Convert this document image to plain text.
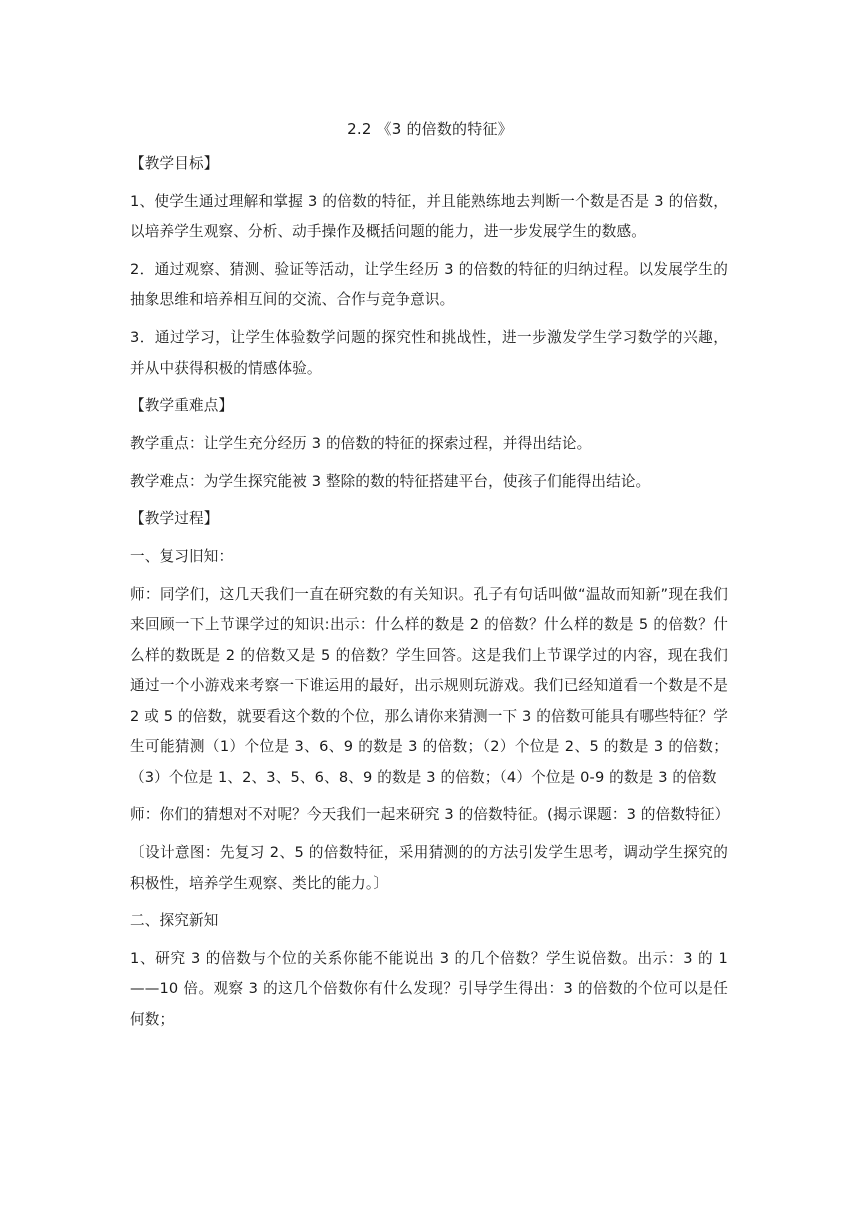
2.2 《3 的倍数的特征》
【教学目标】
1、使学生通过理解和掌握 3 的倍数的特征，并且能熟练地去判断一个数是否是 3 的倍数，以培养学生观察、分析、动手操作及概括问题的能力，进一步发展学生的数感。
2．通过观察、猜测、验证等活动，让学生经历 3 的倍数的特征的归纳过程。以发展学生的抽象思维和培养相互间的交流、合作与竞争意识。
3．通过学习，让学生体验数学问题的探究性和挑战性，进一步激发学生学习数学的兴趣，并从中获得积极的情感体验。
【教学重难点】
教学重点：让学生充分经历 3 的倍数的特征的探索过程，并得出结论。
教学难点：为学生探究能被 3 整除的数的特征搭建平台，使孩子们能得出结论。
【教学过程】
一、复习旧知：
师：同学们，这几天我们一直在研究数的有关知识。孔子有句话叫做“温故而知新”现在我们来回顾一下上节课学过的知识:出示：什么样的数是 2 的倍数？什么样的数是 5 的倍数？什么样的数既是 2 的倍数又是 5 的倍数？学生回答。这是我们上节课学过的内容，现在我们通过一个小游戏来考察一下谁运用的最好，出示规则玩游戏。我们已经知道看一个数是不是 2 或 5 的倍数，就要看这个数的个位，那么请你来猜测一下 3 的倍数可能具有哪些特征？学生可能猜测（1）个位是 3、6、9 的数是 3 的倍数；（2）个位是 2、5 的数是 3 的倍数；（3）个位是 1、2、3、5、6、8、9 的数是 3 的倍数；（4）个位是 0-9 的数是 3 的倍数
师：你们的猜想对不对呢？今天我们一起来研究 3 的倍数特征。(揭示课题：3 的倍数特征）
〔设计意图：先复习 2、5 的倍数特征，采用猜测的的方法引发学生思考，调动学生探究的积极性，培养学生观察、类比的能力。〕
二、探究新知
1、研究 3 的倍数与个位的关系你能不能说出 3 的几个倍数？学生说倍数。出示：3 的 1——10 倍。观察 3 的这几个倍数你有什么发现？引导学生得出：3 的倍数的个位可以是任何数；
